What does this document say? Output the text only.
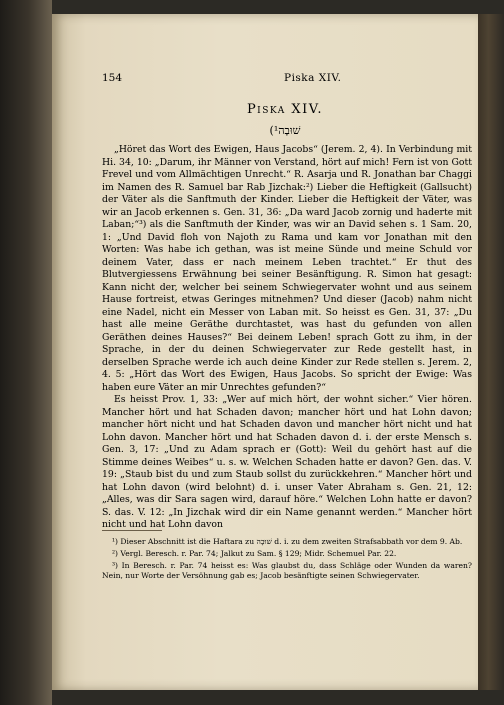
154	Piska XIV.
Piska XIV.
שׁוּבָה¹)

„Höret das Wort des Ewigen, Haus Jacobs“ (Jerem. 2, 4). In Verbindung mit Hi. 34, 10: „Darum, ihr Männer von Verstand, hört auf mich! Fern ist von Gott Frevel und vom Allmächtigen Unrecht.“ R. Asarja und R. Jonathan bar Chaggi im Namen des R. Samuel bar Rab Jizchak:²) Lieber die Heftigkeit (Gallsucht) der Väter als die Sanftmuth der Kinder. Lieber die Heftigkeit der Väter, was wir an Jacob erkennen s. Gen. 31, 36: „Da ward Jacob zornig und haderte mit Laban;“³) als die Sanftmuth der Kinder, was wir an David sehen s. 1 Sam. 20, 1: „Und David floh von Najoth zu Rama und kam vor Jonathan mit den Worten: Was habe ich gethan, was ist meine Sünde und meine Schuld vor deinem Vater, dass er nach meinem Leben trachtet.“ Er thut des Blutvergiessens Erwähnung bei seiner Besänftigung. R. Simon hat gesagt: Kann nicht der, welcher bei seinem Schwiegervater wohnt und aus seinem Hause fortreist, etwas Geringes mitnehmen? Und dieser (Jacob) nahm nicht eine Nadel, nicht ein Messer von Laban mit. So heisst es Gen. 31, 37: „Du hast alle meine Geräthe durchtastet, was hast du gefunden von allen Geräthen deines Hauses?“ Bei deinem Leben! sprach Gott zu ihm, in der Sprache, in der du deinen Schwiegervater zur Rede gestellt hast, in derselben Sprache werde ich auch deine Kinder zur Rede stellen s. Jerem. 2, 4. 5: „Hört das Wort des Ewigen, Haus Jacobs. So spricht der Ewige: Was haben eure Väter an mir Unrechtes gefunden?“

Es heisst Prov. 1, 33: „Wer auf mich hört, der wohnt sicher.“ Vier hören. Mancher hört und hat Schaden davon; mancher hört und hat Lohn davon; mancher hört nicht und hat Schaden davon und mancher hört nicht und hat Lohn davon. Mancher hört und hat Schaden davon d. i. der erste Mensch s. Gen. 3, 17: „Und zu Adam sprach er (Gott): Weil du gehört hast auf die Stimme deines Weibes“ u. s. w. Welchen Schaden hatte er davon? Gen. das. V. 19: „Staub bist du und zum Staub sollst du zurückkehren.“ Mancher hört und hat Lohn davon (wird belohnt) d. i. unser Vater Abraham s. Gen. 21, 12: „Alles, was dir Sara sagen wird, darauf höre.“ Welchen Lohn hatte er davon? S. das. V. 12: „In Jizchak wird dir ein Name genannt werden.“ Mancher hört nicht und hat Lohn davon

¹) Dieser Abschnitt ist die Haftara zu שׁוּבָה d. i. zu dem zweiten Strafsabbath vor dem 9. Ab.

²) Vergl. Beresch. r. Par. 74; Jalkut zu Sam. § 129; Midr. Schemuel Par. 22.

³) In Beresch. r. Par. 74 heisst es: Was glaubst du, dass Schläge oder Wunden da waren? Nein, nur Worte der Versöhnung gab es; Jacob besänftigte seinen Schwiegervater.
